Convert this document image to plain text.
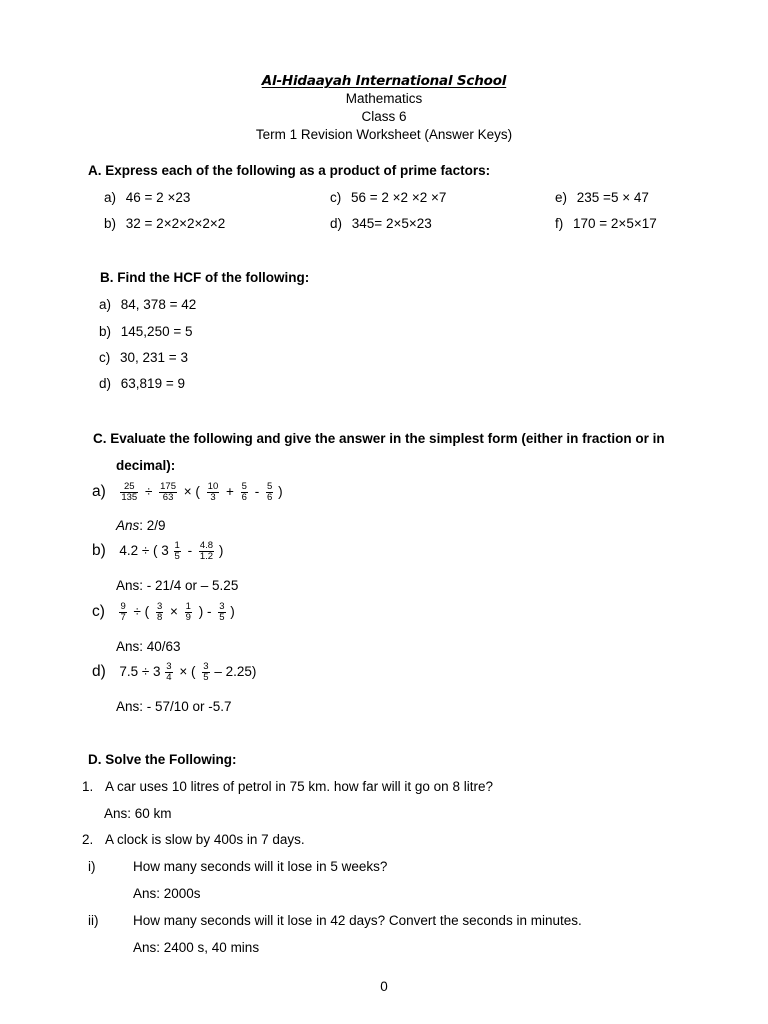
Al-Hidaayah International School
Mathematics
Class 6
Term 1 Revision Worksheet (Answer Keys)
A. Express each of the following as a product of prime factors:
a) 46 = 2 ×23	c) 56 = 2 ×2 ×2 ×7	e) 235 =5 × 47
b) 32 = 2×2×2×2×2	d) 345= 2×5×23	f) 170 = 2×5×17
B. Find the HCF of the following:
a) 84, 378 = 42
b) 145,250 = 5
c) 30, 231 = 3
d) 63,819 = 9
C. Evaluate the following and give the answer in the simplest form (either in fraction or in
decimal):
$a) \frac{25}{135} \div \frac{175}{63}$ × ( $\frac{10}{3} + \frac{5}{6} - \frac{5}{6}$ )
Ans: 2/9
b) 4.2 ÷ ( $3 \frac{1}{5} - \frac{4.8}{1.2}$ )
Ans: - 21/4 or – 5.25
$c) \frac{9}{7}$ ÷ ( $\frac{3}{8} \times \frac{1}{9}$ ) - $\frac{3}{5}$ )
Ans: 40/63
d) $7.5 \div 3 \frac{3}{4}$ × ( $\frac{3}{5} - 2.25$)
Ans: - 57/10 or -5.7
D. Solve the Following:
1. A car uses 10 litres of petrol in 75 km. how far will it go on 8 litre?
Ans: 60 km
2. A clock is slow by 400s in 7 days.
i)	How many seconds will it lose in 5 weeks?
Ans: 2000s
ii)	How many seconds will it lose in 42 days? Convert the seconds in minutes.
Ans: 2400 s, 40 mins
0
